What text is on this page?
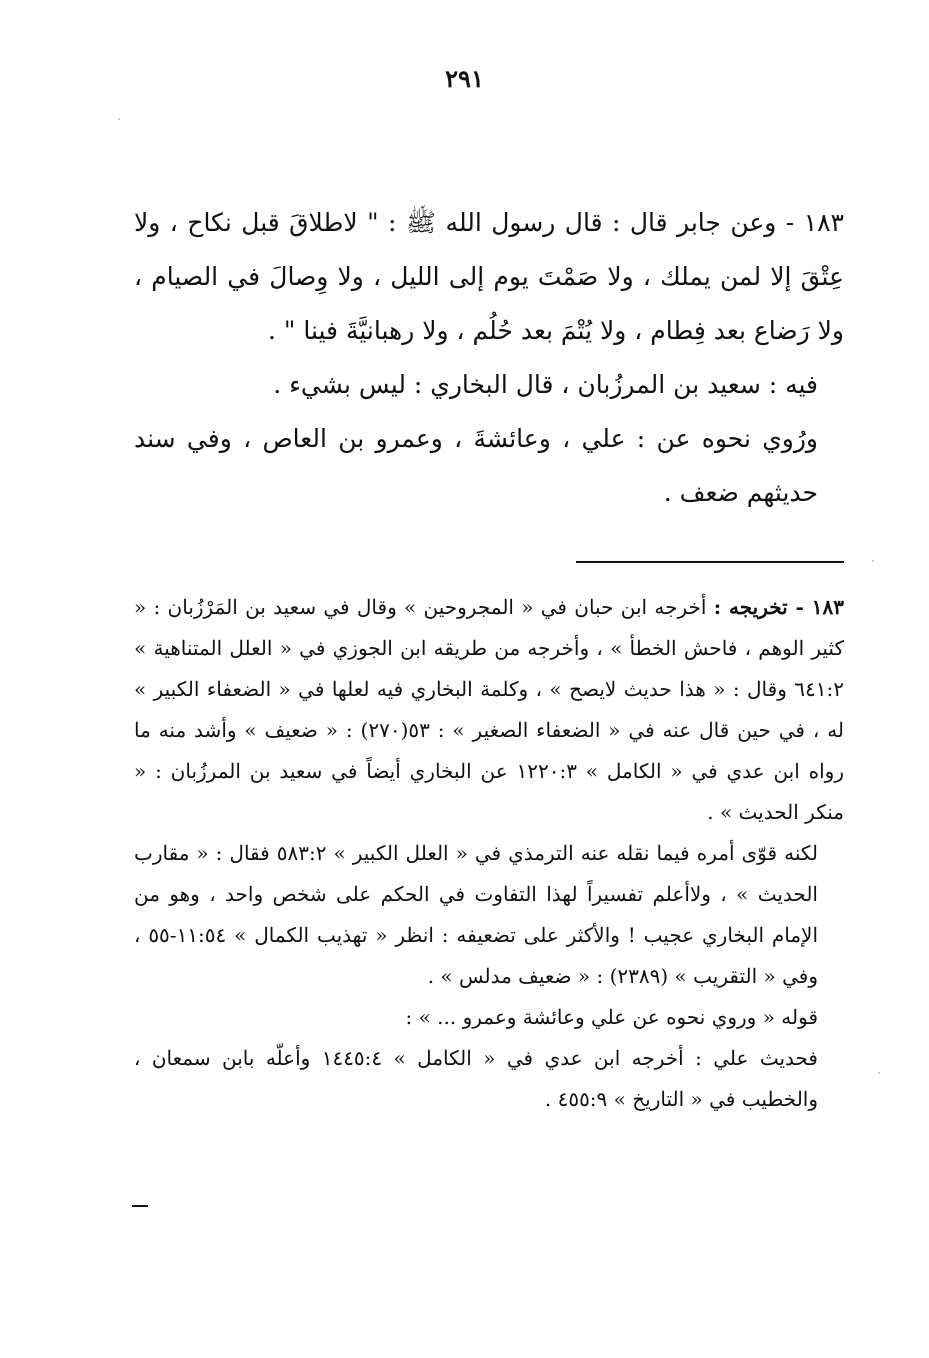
٢٩١

١٨٣ - وعن جابر قال : قال رسول الله ﷺ : " لاطلاقَ قبل نكاح ، ولا عِتْقَ إلا لمن يملك ، ولا صَمْتَ يوم إلى الليل ، ولا وِصالَ في الصيام ، ولا رَضاع بعد فِطام ، ولا يُتْمَ بعد حُلُم ، ولا رهبانيَّةَ فينا " .

فيه : سعيد بن المرزُبان ، قال البخاري : ليس بشيء .

ورُوي نحوه عن : علي ، وعائشةَ ، وعمرو بن العاص ، وفي سند حديثهم ضعف .

١٨٣ - تخريجه : أخرجه ابن حبان في « المجروحين » وقال في سعيد بن المَرْزُبان : « كثير الوهم ، فاحش الخطأ » ، وأخرجه من طريقه ابن الجوزي في « العلل المتناهية » ٦٤١:٢ وقال : « هذا حديث لايصح » ، وكلمة البخاري فيه لعلها في « الضعفاء الكبير » له ، في حين قال عنه في « الضعفاء الصغير » : ٥٣(٢٧٠) : « ضعيف » وأشد منه ما رواه ابن عدي في « الكامل » ١٢٢٠:٣ عن البخاري أيضاً في سعيد بن المرزُبان : « منكر الحديث » .

لكنه قوّى أمره فيما نقله عنه الترمذي في « العلل الكبير » ٥٨٣:٢ فقال : « مقارب الحديث » ، ولاأعلم تفسيراً لهذا التفاوت في الحكم على شخص واحد ، وهو من الإمام البخاري عجيب ! والأكثر على تضعيفه : انظر « تهذيب الكمال » ١١:٥٤-٥٥ ، وفي « التقريب » (٢٣٨٩) : « ضعيف مدلس » .

قوله « وروي نحوه عن علي وعائشة وعمرو ... » :

فحديث علي : أخرجه ابن عدي في « الكامل » ١٤٤٥:٤ وأعلّه بابن سمعان ، والخطيب في « التاريخ » ٤٥٥:٩ .
